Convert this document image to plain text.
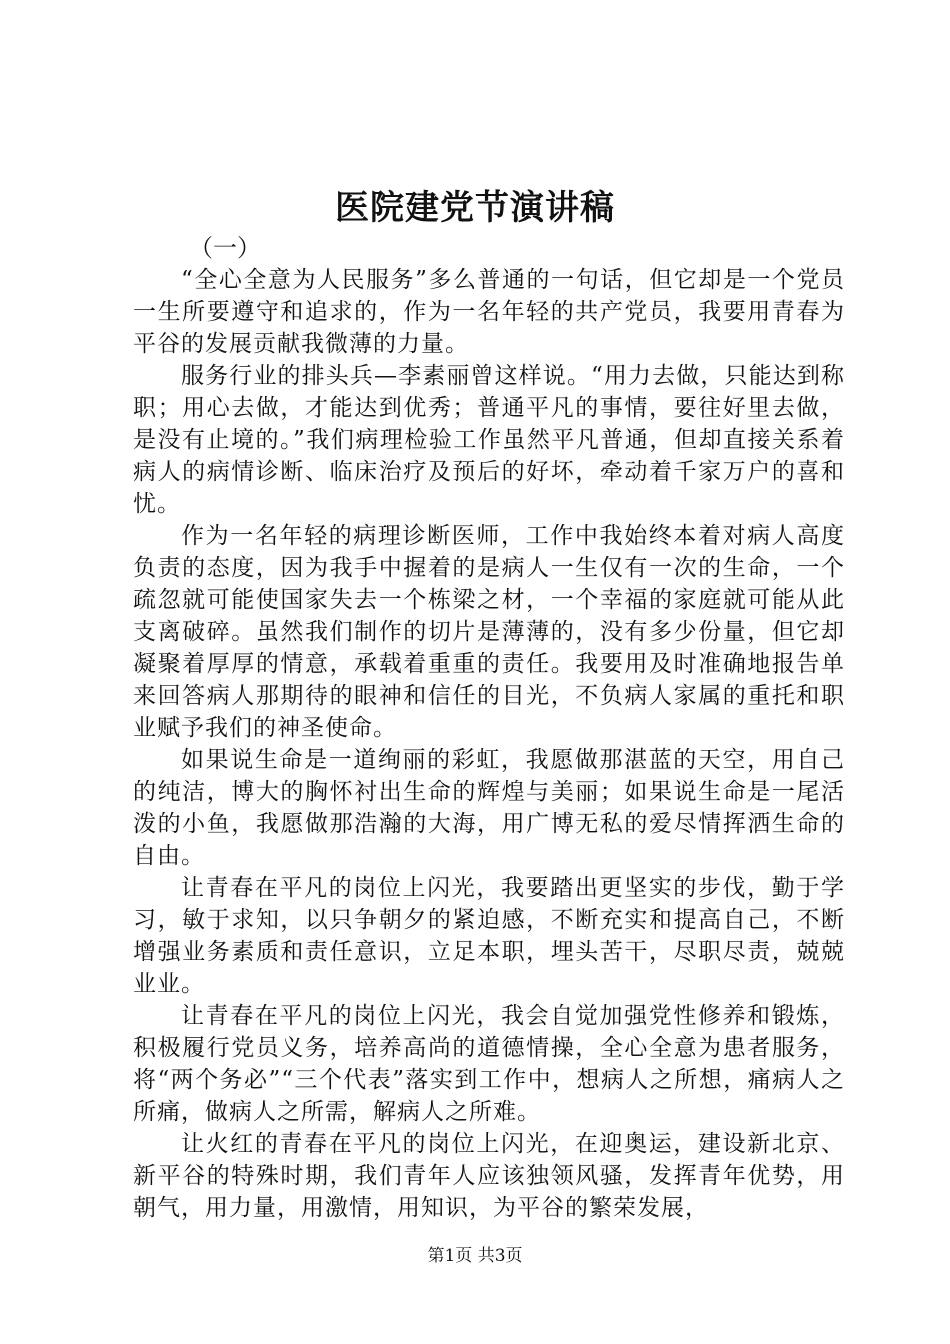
医院建党节演讲稿

（一）

“全心全意为人民服务”多么普通的一句话，但它却是一个党员一生所要遵守和追求的，作为一名年轻的共产党员，我要用青春为平谷的发展贡献我微薄的力量。

服务行业的排头兵—李素丽曾这样说。“用力去做，只能达到称职；用心去做，才能达到优秀；普通平凡的事情，要往好里去做，是没有止境的。”我们病理检验工作虽然平凡普通，但却直接关系着病人的病情诊断、临床治疗及预后的好坏，牵动着千家万户的喜和忧。

作为一名年轻的病理诊断医师，工作中我始终本着对病人高度负责的态度，因为我手中握着的是病人一生仅有一次的生命，一个疏忽就可能使国家失去一个栋梁之材，一个幸福的家庭就可能从此支离破碎。虽然我们制作的切片是薄薄的，没有多少份量，但它却凝聚着厚厚的情意，承载着重重的责任。我要用及时准确地报告单来回答病人那期待的眼神和信任的目光，不负病人家属的重托和职业赋予我们的神圣使命。

如果说生命是一道绚丽的彩虹，我愿做那湛蓝的天空，用自己的纯洁，博大的胸怀衬出生命的辉煌与美丽；如果说生命是一尾活泼的小鱼，我愿做那浩瀚的大海，用广博无私的爱尽情挥洒生命的自由。

让青春在平凡的岗位上闪光，我要踏出更坚实的步伐，勤于学习，敏于求知，以只争朝夕的紧迫感，不断充实和提高自己，不断增强业务素质和责任意识，立足本职，埋头苦干，尽职尽责，兢兢业业。

让青春在平凡的岗位上闪光，我会自觉加强党性修养和锻炼，积极履行党员义务，培养高尚的道德情操，全心全意为患者服务，将“两个务必”“三个代表”落实到工作中，想病人之所想，痛病人之所痛，做病人之所需，解病人之所难。

让火红的青春在平凡的岗位上闪光，在迎奥运，建设新北京、新平谷的特殊时期，我们青年人应该独领风骚，发挥青年优势，用朝气，用力量，用激情，用知识，为平谷的繁荣发展，

第1页 共3页
